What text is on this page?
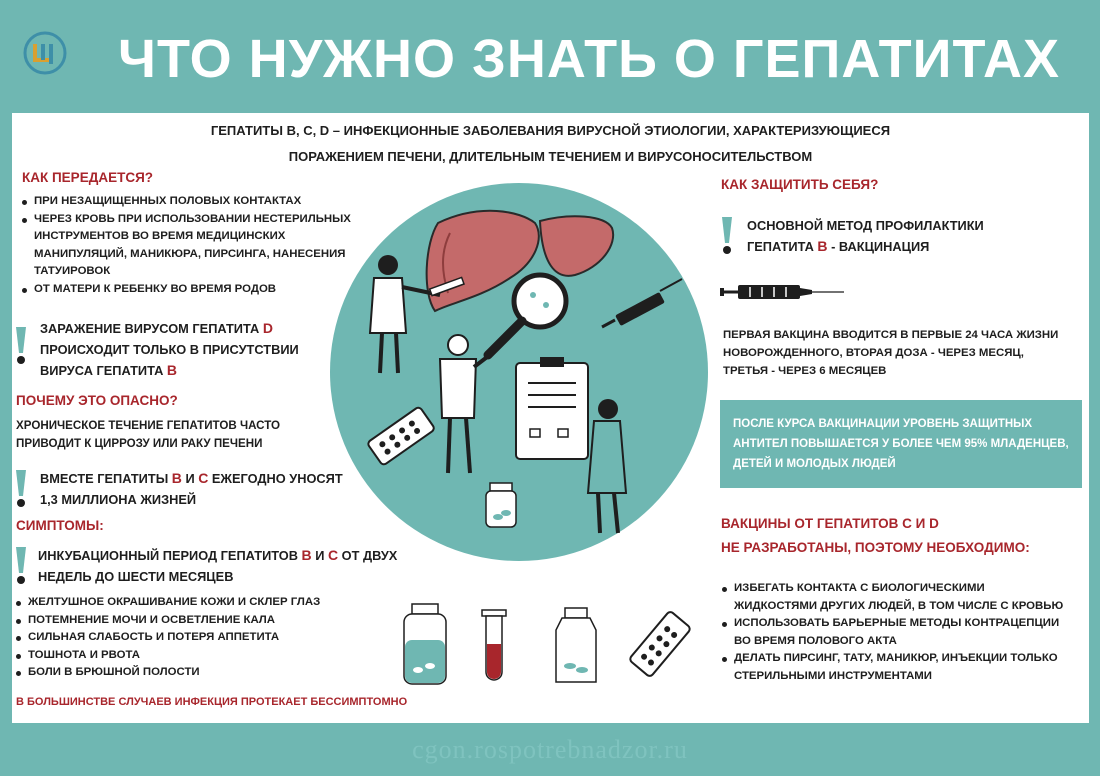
ЧТО НУЖНО ЗНАТЬ О ГЕПАТИТАХ
ГЕПАТИТЫ B, C, D – ИНФЕКЦИОННЫЕ ЗАБОЛЕВАНИЯ ВИРУСНОЙ ЭТИОЛОГИИ, ХАРАКТЕРИЗУЮЩИЕСЯ
ПОРАЖЕНИЕМ ПЕЧЕНИ, ДЛИТЕЛЬНЫМ ТЕЧЕНИЕМ И ВИРУСОНОСИТЕЛЬСТВОМ
КАК ПЕРЕДАЕТСЯ?
ПРИ НЕЗАЩИЩЕННЫХ ПОЛОВЫХ КОНТАКТАХ
ЧЕРЕЗ КРОВЬ ПРИ ИСПОЛЬЗОВАНИИ НЕСТЕРИЛЬНЫХ ИНСТРУМЕНТОВ ВО ВРЕМЯ МЕДИЦИНСКИХ МАНИПУЛЯЦИЙ, МАНИКЮРА, ПИРСИНГА, НАНЕСЕНИЯ ТАТУИРОВОК
ОТ МАТЕРИ К РЕБЕНКУ ВО ВРЕМЯ РОДОВ
ЗАРАЖЕНИЕ ВИРУСОМ ГЕПАТИТА D
ПРОИСХОДИТ ТОЛЬКО В ПРИСУТСТВИИ
ВИРУСА ГЕПАТИТА B
ПОЧЕМУ ЭТО ОПАСНО?
ХРОНИЧЕСКОЕ ТЕЧЕНИЕ ГЕПАТИТОВ ЧАСТО
ПРИВОДИТ К ЦИРРОЗУ ИЛИ РАКУ ПЕЧЕНИ
ВМЕСТЕ ГЕПАТИТЫ B И C ЕЖЕГОДНО УНОСЯТ
1,3 МИЛЛИОНА ЖИЗНЕЙ
СИМПТОМЫ:
ИНКУБАЦИОННЫЙ ПЕРИОД ГЕПАТИТОВ B И C ОТ ДВУХ
НЕДЕЛЬ ДО ШЕСТИ МЕСЯЦЕВ
ЖЕЛТУШНОЕ ОКРАШИВАНИЕ КОЖИ И СКЛЕР ГЛАЗ
ПОТЕМНЕНИЕ МОЧИ И ОСВЕТЛЕНИЕ КАЛА
СИЛЬНАЯ СЛАБОСТЬ И ПОТЕРЯ АППЕТИТА
ТОШНОТА И РВОТА
БОЛИ В БРЮШНОЙ ПОЛОСТИ
В БОЛЬШИНСТВЕ СЛУЧАЕВ ИНФЕКЦИЯ ПРОТЕКАЕТ БЕССИМПТОМНО
КАК ЗАЩИТИТЬ СЕБЯ?
ОСНОВНОЙ МЕТОД ПРОФИЛАКТИКИ
ГЕПАТИТА B - ВАКЦИНАЦИЯ
ПЕРВАЯ ВАКЦИНА ВВОДИТСЯ В ПЕРВЫЕ 24 ЧАСА ЖИЗНИ
НОВОРОЖДЕННОГО, ВТОРАЯ ДОЗА - ЧЕРЕЗ МЕСЯЦ,
ТРЕТЬЯ - ЧЕРЕЗ 6 МЕСЯЦЕВ
ПОСЛЕ КУРСА ВАКЦИНАЦИИ УРОВЕНЬ ЗАЩИТНЫХ
АНТИТЕЛ ПОВЫШАЕТСЯ У БОЛЕЕ ЧЕМ 95% МЛАДЕНЦЕВ,
ДЕТЕЙ И МОЛОДЫХ ЛЮДЕЙ
ВАКЦИНЫ ОТ ГЕПАТИТОВ C И D
НЕ РАЗРАБОТАНЫ, ПОЭТОМУ НЕОБХОДИМО:
ИЗБЕГАТЬ КОНТАКТА С БИОЛОГИЧЕСКИМИ ЖИДКОСТЯМИ ДРУГИХ ЛЮДЕЙ, В ТОМ ЧИСЛЕ С КРОВЬЮ
ИСПОЛЬЗОВАТЬ БАРЬЕРНЫЕ МЕТОДЫ КОНТРАЦЕПЦИИ ВО ВРЕМЯ ПОЛОВОГО АКТА
ДЕЛАТЬ ПИРСИНГ, ТАТУ, МАНИКЮР, ИНЪЕКЦИИ ТОЛЬКО СТЕРИЛЬНЫМИ ИНСТРУМЕНТАМИ
cgon.rospotrebnadzor.ru
